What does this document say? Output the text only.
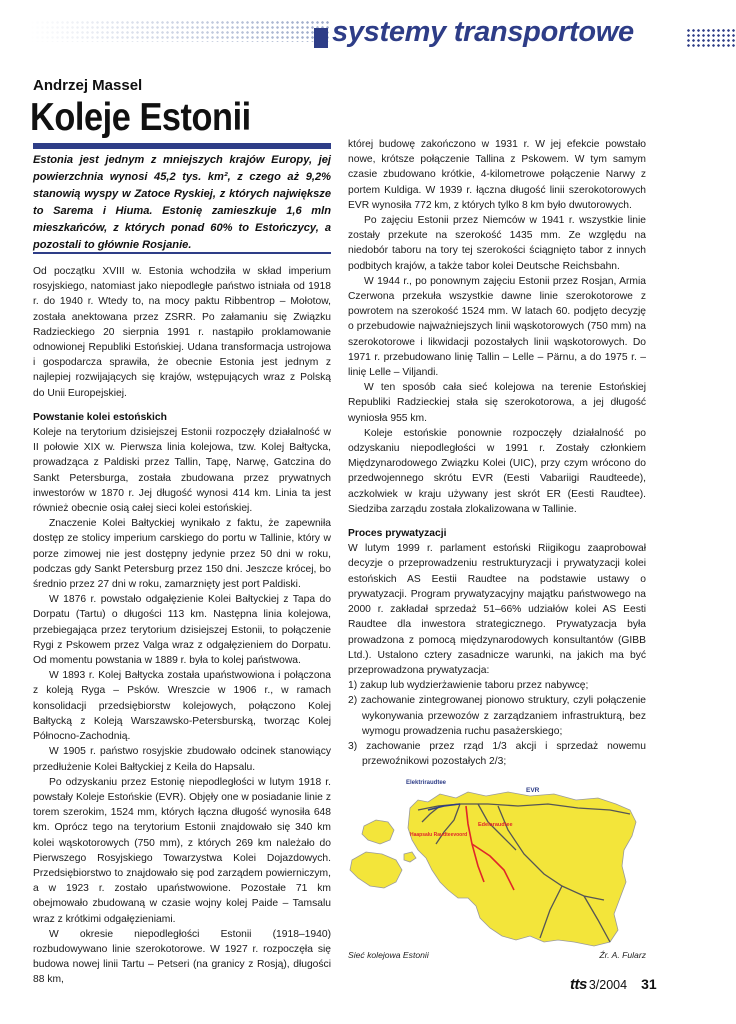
systemy transportowe
Andrzej Massel
Koleje Estonii
Estonia jest jednym z mniejszych krajów Europy, jej powierzchnia wynosi 45,2 tys. km², z czego aż 9,2% stanowią wyspy w Zatoce Ryskiej, z których największe to Sarema i Hiuma. Estonię zamieszkuje 1,6 mln mieszkańców, z których ponad 60% to Estończycy, a pozostali to głównie Rosjanie.

Od początku XVIII w. Estonia wchodziła w skład imperium rosyjskiego, natomiast jako niepodległe państwo istniała od 1918 r. do 1940 r. Wtedy to, na mocy paktu Ribbentrop – Mołotow, została anektowana przez ZSRR. Po załamaniu się Związku Radzieckiego 20 sierpnia 1991 r. nastąpiło proklamowanie odnowionej Republiki Estońskiej. Udana transformacja ustrojowa i gospodarcza sprawiła, że obecnie Estonia jest jednym z najlepiej rozwijających się krajów, wstępujących wraz z Polską do Unii Europejskiej.

Powstanie kolei estońskich

Koleje na terytorium dzisiejszej Estonii rozpoczęły działalność w II połowie XIX w. Pierwsza linia kolejowa, tzw. Kolej Bałtycka, prowadząca z Paldiski przez Tallin, Tapę, Narwę, Gatczina do Sankt Petersburga, została zbudowana przez prywatnych inwestorów w 1870 r. Jej długość wynosi 414 km. Linia ta jest również obecnie osią całej sieci kolei estońskiej.

Znaczenie Kolei Bałtyckiej wynikało z faktu, że zapewniła dostęp ze stolicy imperium carskiego do portu w Tallinie, który w porze zimowej nie jest dostępny jedynie przez 50 dni w roku, podczas gdy Sankt Petersburg przez 150 dni. Jeszcze krócej, bo średnio przez 27 dni w roku, zamarznięty jest port Paldiski.

W 1876 r. powstało odgałęzienie Kolei Bałtyckiej z Tapa do Dorpatu (Tartu) o długości 113 km. Następna linia kolejowa, przebiegająca przez terytorium dzisiejszej Estonii, to połączenie Rygi z Pskowem przez Valga wraz z odgałęzieniem do Dorpatu. Od momentu powstania w 1889 r. była to kolej państwowa.

W 1893 r. Kolej Bałtycka została upaństwowiona i połączona z koleją Ryga – Psków. Wreszcie w 1906 r., w ramach konsolidacji przedsiębiorstw kolejowych, połączono Kolej Bałtycką z Koleją Warszawsko-Petersburską, tworząc Kolej Północno-Zachodnią.

W 1905 r. państwo rosyjskie zbudowało odcinek stanowiący przedłużenie Kolei Bałtyckiej z Keila do Hapsalu.

Po odzyskaniu przez Estonię niepodległości w lutym 1918 r. powstały Koleje Estońskie (EVR). Objęły one w posiadanie linie z torem szerokim, 1524 mm, których łączna długość wynosiła 648 km. Oprócz tego na terytorium Estonii znajdowało się 340 km kolei wąskotorowych (750 mm), z których 269 km należało do Pierwszego Rosyjskiego Towarzystwa Kolei Dojazdowych. Przedsiębiorstwo to znajdowało się pod zarządem powierniczym, a w 1923 r. zostało upaństwowione. Pozostałe 71 km obejmowało zbudowaną w czasie wojny kolej Paide – Tamsalu wraz z krótkimi odgałęzieniami.

W okresie niepodległości Estonii (1918–1940) rozbudowywano linie szerokotorowe. W 1927 r. rozpoczęła się budowa nowej linii Tartu – Petseri (na granicy z Rosją), długości 88 km,

której budowę zakończono w 1931 r. W jej efekcie powstało nowe, krótsze połączenie Tallina z Pskowem. W tym samym czasie zbudowano krótkie, 4-kilometrowe połączenie Narwy z portem Kuldiga. W 1939 r. łączna długość linii szerokotorowych EVR wynosiła 772 km, z których tylko 8 km było dwutorowych.

Po zajęciu Estonii przez Niemców w 1941 r. wszystkie linie zostały przekute na szerokość 1435 mm. Ze względu na niedobór taboru na tory tej szerokości ściągnięto tabor z innych podbitych krajów, a także tabor kolei Deutsche Reichsbahn.

W 1944 r., po ponownym zajęciu Estonii przez Rosjan, Armia Czerwona przekuła wszystkie dawne linie szerokotorowe z powrotem na szerokość 1524 mm. W latach 60. podjęto decyzję o przebudowie najważniejszych linii wąskotorowych (750 mm) na szerokotorowe i likwidacji pozostałych linii wąskotorowych. Do 1971 r. przebudowano linię Tallin – Lelle – Pärnu, a do 1975 r. – linię Lelle – Viljandi.

W ten sposób cała sieć kolejowa na terenie Estońskiej Republiki Radzieckiej stała się szerokotorowa, a jej długość wyniosła 955 km.

Koleje estońskie ponownie rozpoczęły działalność po odzyskaniu niepodległości w 1991 r. Zostały członkiem Międzynarodowego Związku Kolei (UIC), przy czym wrócono do przedwojennego skrótu EVR (Eesti Vabariigi Raudteede), aczkolwiek w kraju używany jest skrót ER (Eesti Raudtee). Siedziba zarządu została zlokalizowana w Tallinie.

Proces prywatyzacji

W lutym 1999 r. parlament estoński Riigikogu zaaprobował decyzje o przeprowadzeniu restrukturyzacji i prywatyzacji kolei estońskich AS Eestii Raudtee na podstawie ustawy o prywatyzacji. Program prywatyzacyjny majątku państwowego na 2000 r. zakładał sprzedaż 51–66% udziałów kolei AS Eesti Raudtee dla inwestora strategicznego. Prywatyzacja była prowadzona z pomocą międzynarodowych konsultantów (GIBB Ltd.). Ustalono cztery zasadnicze warunki, na jakich ma być przeprowadzona prywatyzacja:

1) zakup lub wydzierżawienie taboru przez nabywcę;
2) zachowanie zintegrowanej pionowo struktury, czyli połączenie wykonywania przewozów z zarządzaniem infrastrukturą, bez wymogu prowadzenia ruchu pasażerskiego;
3) zachowanie przez rząd 1/3 akcji i sprzedaż nowemu przewoźnikowi pozostałych 2/3;
Elektriraudtee
EVR
Edelaraudtee
Haapsalu Raudteevoord
Sieć kolejowa Estonii	Źr. A. Fularz
tts 3/2004 31
